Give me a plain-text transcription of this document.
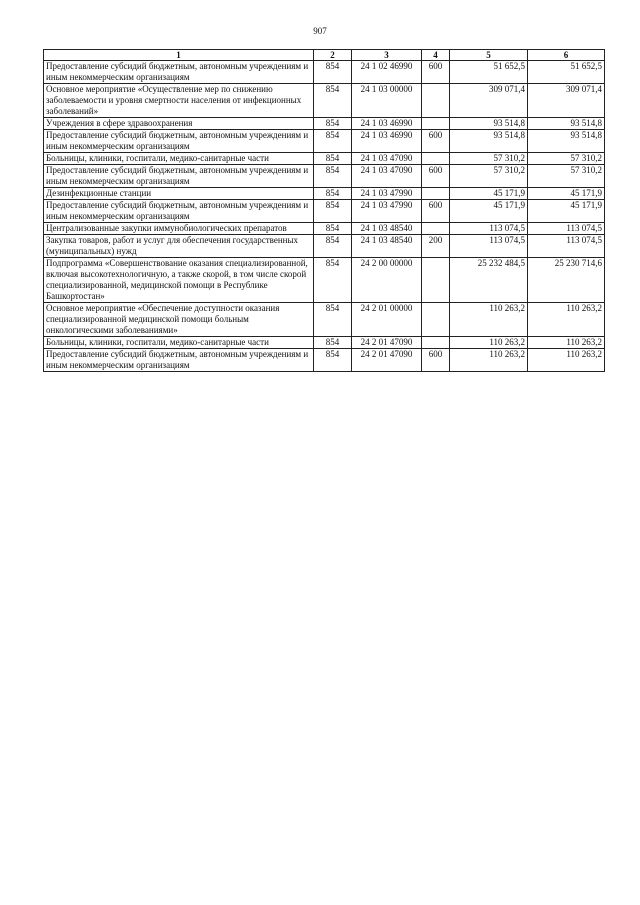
907
1	2	3	4	5	6
Предоставление субсидий бюджетным, автономным учреждениям и иным некоммерческим организациям	854	24 1 02 46990	600	51 652,5	51 652,5
Основное мероприятие «Осуществление мер по снижению заболеваемости и уровня смертности населения от инфекционных заболеваний»	854	24 1 03 00000		309 071,4	309 071,4
Учреждения в сфере здравоохранения	854	24 1 03 46990		93 514,8	93 514,8
Предоставление субсидий бюджетным, автономным учреждениям и иным некоммерческим организациям	854	24 1 03 46990	600	93 514,8	93 514,8
Больницы, клиники, госпитали, медико-санитарные части	854	24 1 03 47090		57 310,2	57 310,2
Предоставление субсидий бюджетным, автономным учреждениям и иным некоммерческим организациям	854	24 1 03 47090	600	57 310,2	57 310,2
Дезинфекционные станции	854	24 1 03 47990		45 171,9	45 171,9
Предоставление субсидий бюджетным, автономным учреждениям и иным некоммерческим организациям	854	24 1 03 47990	600	45 171,9	45 171,9
Централизованные закупки иммунобиологических препаратов	854	24 1 03 48540		113 074,5	113 074,5
Закупка товаров, работ и услуг для обеспечения государственных (муниципальных) нужд	854	24 1 03 48540	200	113 074,5	113 074,5
Подпрограмма «Совершенствование оказания специализированной, включая высокотехнологичную, а также скорой, в том числе скорой специализированной, медицинской помощи в Республике Башкортостан»	854	24 2 00 00000		25 232 484,5	25 230 714,6
Основное мероприятие «Обеспечение доступности оказания специализированной медицинской помощи больным онкологическими заболеваниями»	854	24 2 01 00000		110 263,2	110 263,2
Больницы, клиники, госпитали, медико-санитарные части	854	24 2 01 47090		110 263,2	110 263,2
Предоставление субсидий бюджетным, автономным учреждениям и иным некоммерческим организациям	854	24 2 01 47090	600	110 263,2	110 263,2
